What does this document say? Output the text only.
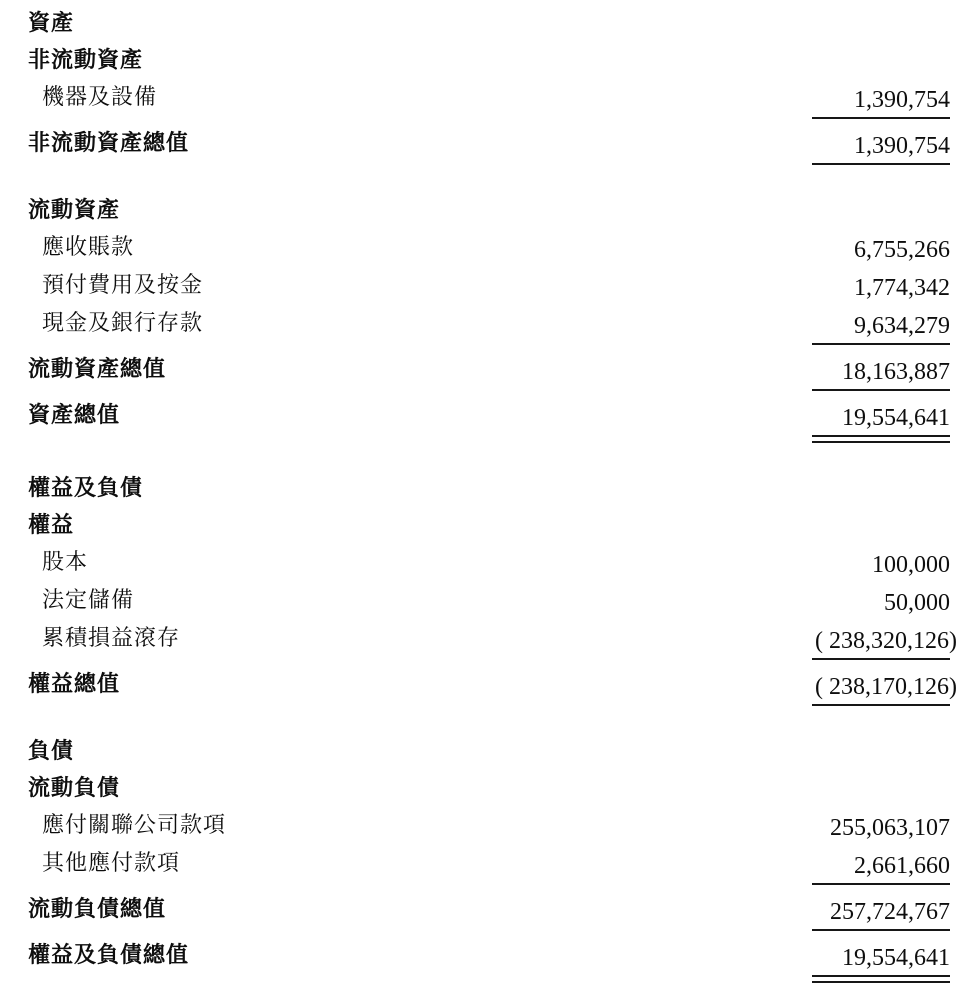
資產
非流動資產
機器及設備	1,390,754
非流動資產總值	1,390,754
流動資產
應收賬款	6,755,266
預付費用及按金	1,774,342
現金及銀行存款	9,634,279
流動資產總值	18,163,887
資產總值	19,554,641
權益及負債
權益
股本	100,000
法定儲備	50,000
累積損益滾存	( 238,320,126)
權益總值	( 238,170,126)
負債
流動負債
應付關聯公司款項	255,063,107
其他應付款項	2,661,660
流動負債總值	257,724,767
權益及負債總值	19,554,641
